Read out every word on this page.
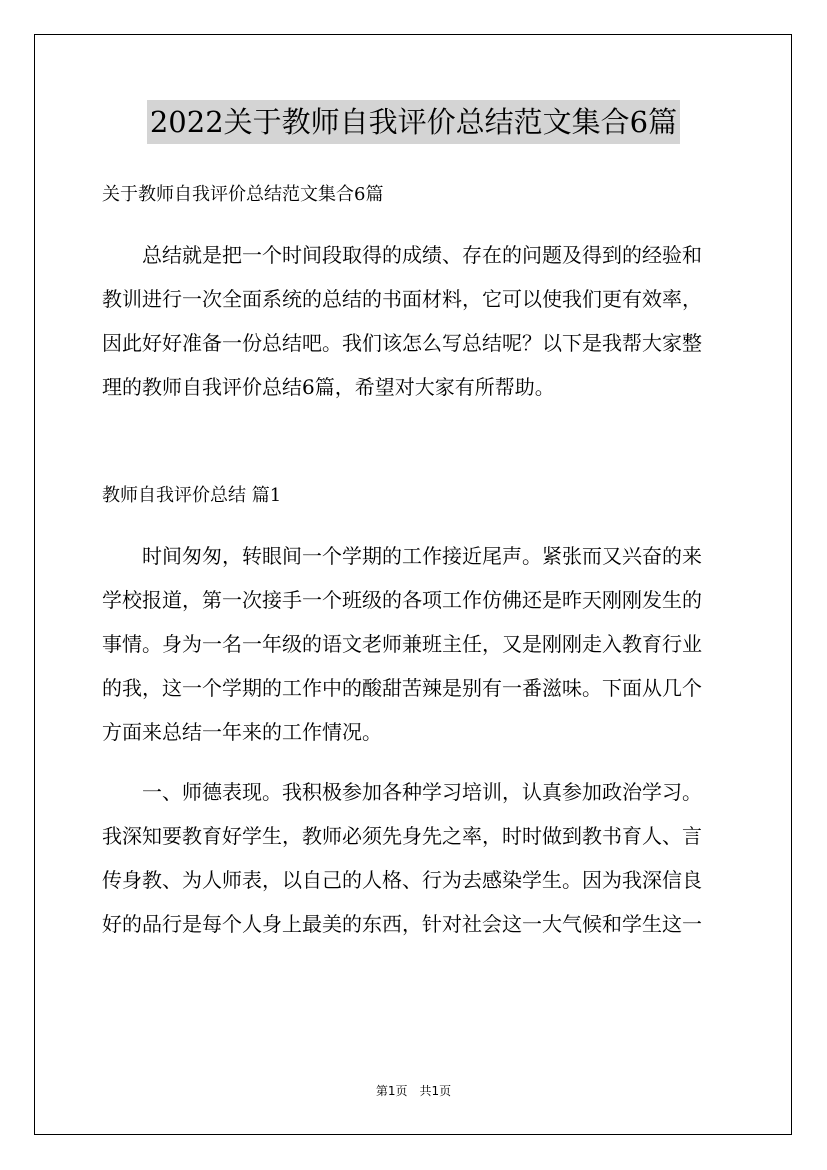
2022关于教师自我评价总结范文集合6篇
关于教师自我评价总结范文集合6篇
总结就是把一个时间段取得的成绩、存在的问题及得到的经验和
教训进行一次全面系统的总结的书面材料，它可以使我们更有效率，
因此好好准备一份总结吧。我们该怎么写总结呢？以下是我帮大家整
理的教师自我评价总结6篇，希望对大家有所帮助。
教师自我评价总结 篇1
时间匆匆，转眼间一个学期的工作接近尾声。紧张而又兴奋的来
学校报道，第一次接手一个班级的各项工作仿佛还是昨天刚刚发生的
事情。身为一名一年级的语文老师兼班主任，又是刚刚走入教育行业
的我，这一个学期的工作中的酸甜苦辣是别有一番滋味。下面从几个
方面来总结一年来的工作情况。
一、师德表现。我积极参加各种学习培训，认真参加政治学习。
我深知要教育好学生，教师必须先身先之率，时时做到教书育人、言
传身教、为人师表，以自己的人格、行为去感染学生。因为我深信良
好的品行是每个人身上最美的东西，针对社会这一大气候和学生这一
第1页　共1页
